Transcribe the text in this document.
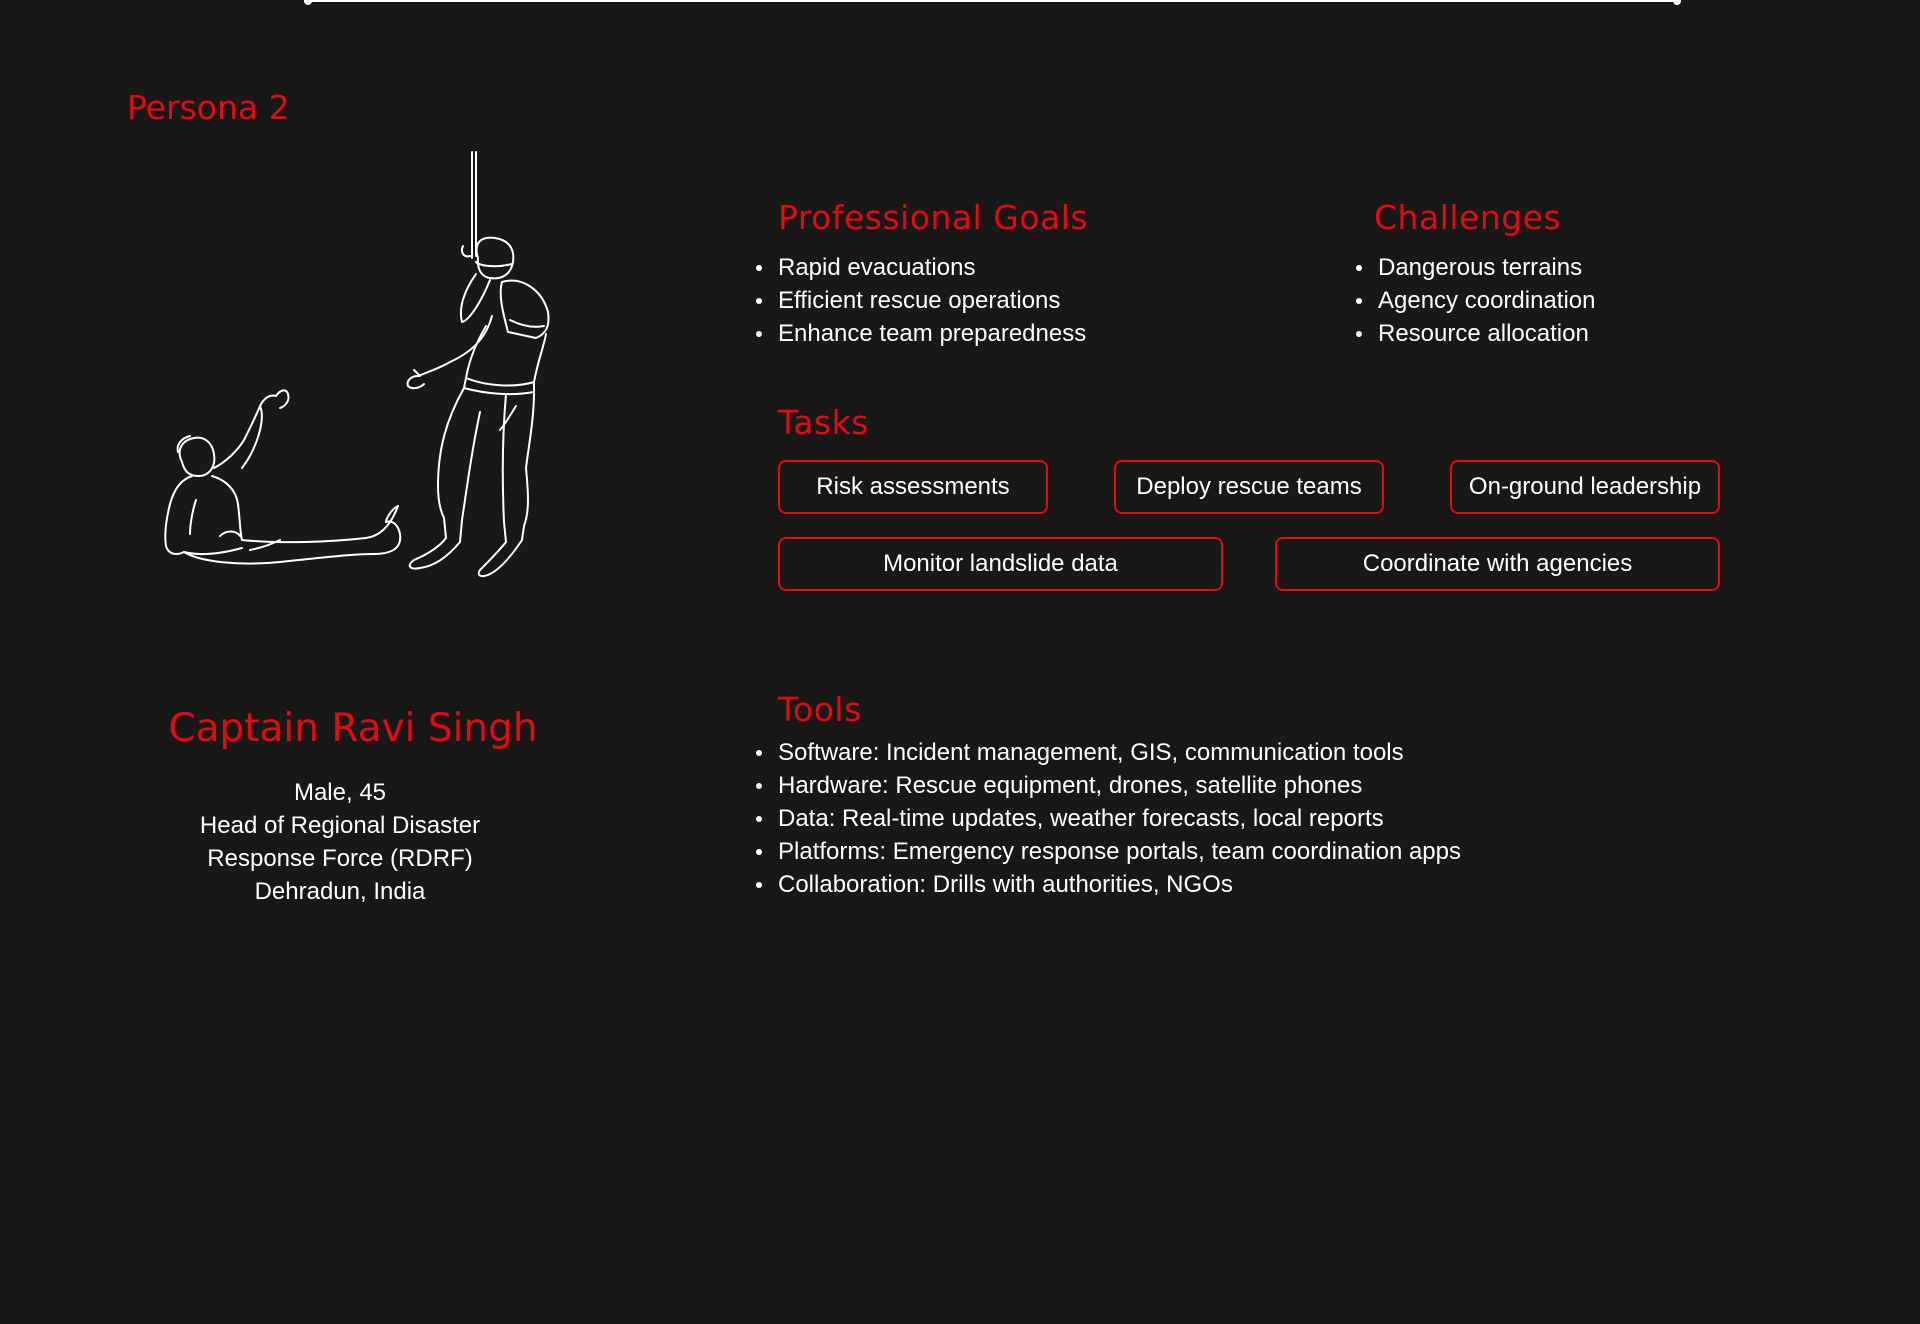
Persona 2
Captain Ravi Singh
Male, 45
Head of Regional Disaster
Response Force (RDRF)
Dehradun, India
Professional Goals
Rapid evacuations
Efficient rescue operations
Enhance team preparedness
Challenges
Dangerous terrains
Agency coordination
Resource allocation
Tasks
Risk assessments	Deploy rescue teams	On-ground leadership
Monitor landslide data	Coordinate with agencies
Tools
Software: Incident management, GIS, communication tools
Hardware: Rescue equipment, drones, satellite phones
Data: Real-time updates, weather forecasts, local reports
Platforms: Emergency response portals, team coordination apps
Collaboration: Drills with authorities, NGOs
